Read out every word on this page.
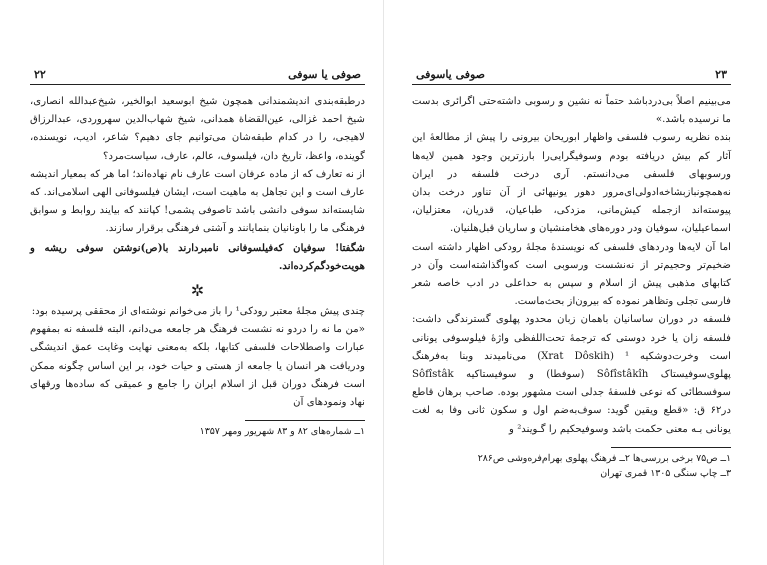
صوفی یا سوفی
۲۲

درطبقه‌بندی اندیشمندانی همچون شیخ ابوسعید ابوالخیر، شیخ‌عبدالله انصاری، شیخ احمد غزالی، عین‌القضاة همدانی، شیخ شهاب‌الدین سهروردی، عبدالرزاق لاهیجی، را در کدام طبقه‌شان می‌توانیم جای دهیم‌؟ شاعر، ادیب، نویسنده، گوینده، واعظ، تاریخ دان، فیلسوف، عالم، عارف، سیاست‌مرد؟

از نه تعارف که از ماده عرفان است عارف نام نهاده‌اند؛ اما هر که بمعیار اندیشه عارف است و این تجاهل به ماهیت است، ایشان فیلسوفانی الهی اسلامی‌اند. که شایسته‌اند سوفی دانشی باشد تاصوفی پشمی! کپانند که بیایند روابط و سوابق فرهنگی ما را باونانیان بنمایانند و آشتی فرهنگی برقرار سازند.

شگفتا! سوفیان که‌فیلسوفانی نامبردارند با(ص)نوشتن سوفی ریشه و هویت‌خودگم‌کرده‌اند.

✲

چندی پیش مجلهٔ معتبر رودکی¹ را باز می‌خوانم نوشته‌ای از محققی پرسیده بود:

«من ما نه را دردو نه نشست فرهنگ هر جامعه می‌دانم، البته فلسفه نه بمفهوم عبارات واصطلاحات فلسفی کتابها، بلکه به‌معنی نهایت وغایت عمق اندیشگی ودریافت هر انسان یا جامعه از هستی و حیات خود، بر این اساس چگونه ممکن است فرهنگ دوران قبل از اسلام ایران را جامع و عمیقی که ساده‌ها ورقهای نهاد ونمودهای آن

۱ــ شماره‌های ۸۲ و ۸۳ شهریور ومهر ۱۳۵۷

۲۳
صوفی یاسوفی

می‌بینیم اصلاً بی‌دردباشد حتماً نه نشین و رسوبی داشته‌حتی اگرائری بدست ما نرسیده باشد.»

بنده نظریه رسوب فلسفی واظهار ابوریحان بیرونی را پیش از مطالعهٔ این آثار کم بیش دریافته بودم وسوفیگرایی‌را بارزترین وجود همین لایه‌ها ورسوبهای فلسفی می‌دانستم. آری درخت فلسفه در ایران نه‌همچونبازبشاخه‌ادولی‌ای‌مرور دهور یونیهائی از آن تناور درخت بدان پیوسته‌اند ازجمله کیش‌مانی، مزدکی، طباعیان، قدریان، معتزلیان، اسماعیلیان، سوفیان ودر دوره‌های هخامنشیان و ساریان قبل‌هلنیان.

اما آن لایه‌ها ودردهای فلسفی که نویسندهٔ مجلهٔ رودکی اظهار داشته است ضخیم‌تر وحجیم‌تر از نه‌نشست ورسوبی است که‌واگذاشته‌است وآن در کتابهای مذهبی پیش از اسلام و سپس به حداعلی در ادب خاصه شعر فارسی تجلی وتظاهر نموده که بیرون‌از بحث‌ماست.

فلسفه در دوران ساسانیان باهمان زبان محدود پهلوی گسترندگی داشت: فلسفه زان یا خرد دوستی که ترجمهٔ تحت‌اللفظی واژهٔ فیلوسوفی یونانی است وخرت‌دوشکیه (Xrat Dôskih) ¹ می‌نامیدند وبنا به‌فرهنگ پهلوی‌سوفیستاک Sôfîstâkîh (سوفطا) و سوفیستاکیه Sôfîstâk سوفسطائی که نوعی فلسفهٔ جدلی است مشهور بوده. صاحب برهان قاطع در۶۲ ق: «قطع ویقین گوید: سوف‌به‌ضم اول و سکون ثانی وفا به لغت یونانی بـه معنی حکمت باشد وسوفیحکیم را گـویند² و

۱ــ ص۷۵ برخی بررسی‌ها ۲ــ فرهنگ پهلوی بهرام‌فره‌وشی ص۲۸۶

۳ــ چاپ سنگی ۱۳۰۵ قمری تهران
